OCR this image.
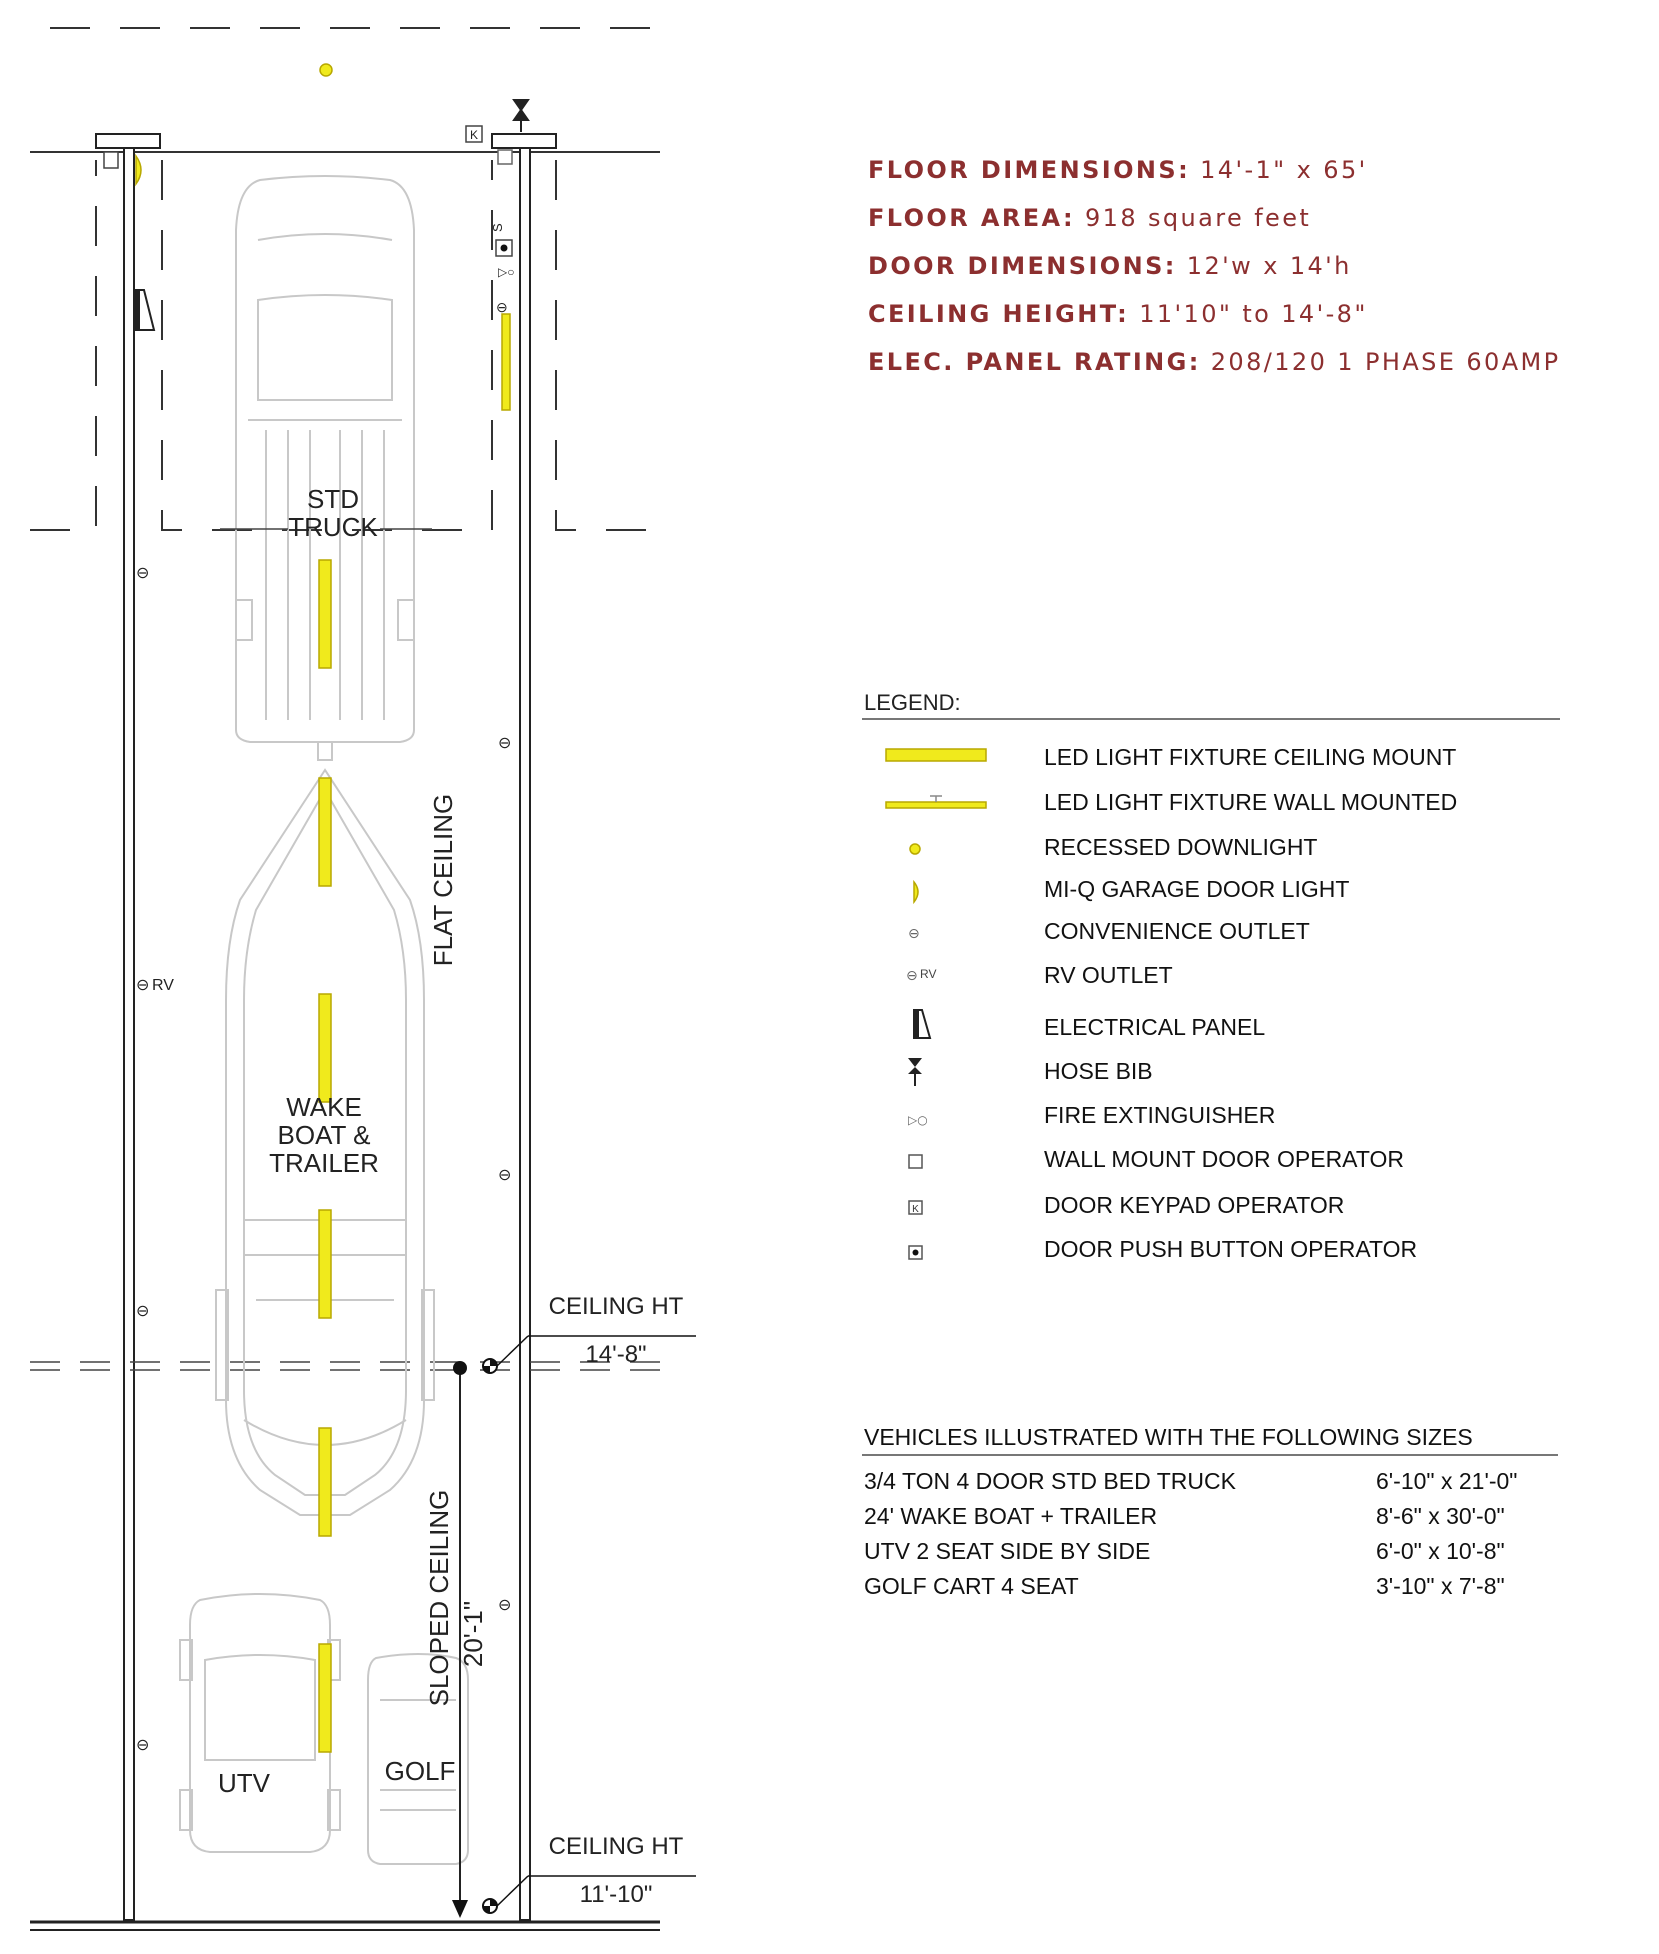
K
S
▷○
⊖
⊖
⊖
⊖
⊖
⊖
⊖
⊖
RV
STD
TRUCK
WAKE
BOAT &
TRAILER
UTV	GOLF
FLAT CEILING
SLOPED CEILING 20'-1"
CEILING HT
14'-8"
CEILING HT
11'-10"
FLOOR DIMENSIONS: 14'-1" x 65'
FLOOR AREA: 918 square feet
DOOR DIMENSIONS: 12'w x 14'h
CEILING HEIGHT: 11'10" to 14'-8"
ELEC. PANEL RATING: 208/120 1 PHASE 60AMP
LEGEND:
⊖
⊖ RV
▷○
K
LED LIGHT FIXTURE CEILING MOUNT
LED LIGHT FIXTURE WALL MOUNTED
RECESSED DOWNLIGHT
MI-Q GARAGE DOOR LIGHT
CONVENIENCE OUTLET
RV OUTLET
ELECTRICAL PANEL
HOSE BIB
FIRE EXTINGUISHER
WALL MOUNT DOOR OPERATOR
DOOR KEYPAD OPERATOR
DOOR PUSH BUTTON OPERATOR
VEHICLES ILLUSTRATED WITH THE FOLLOWING SIZES
3/4 TON 4 DOOR STD BED TRUCK	6'-10" x 21'-0"
24' WAKE BOAT + TRAILER	8'-6" x 30'-0"
UTV 2 SEAT SIDE BY SIDE	6'-0" x 10'-8"
GOLF CART 4 SEAT	3'-10" x 7'-8"
